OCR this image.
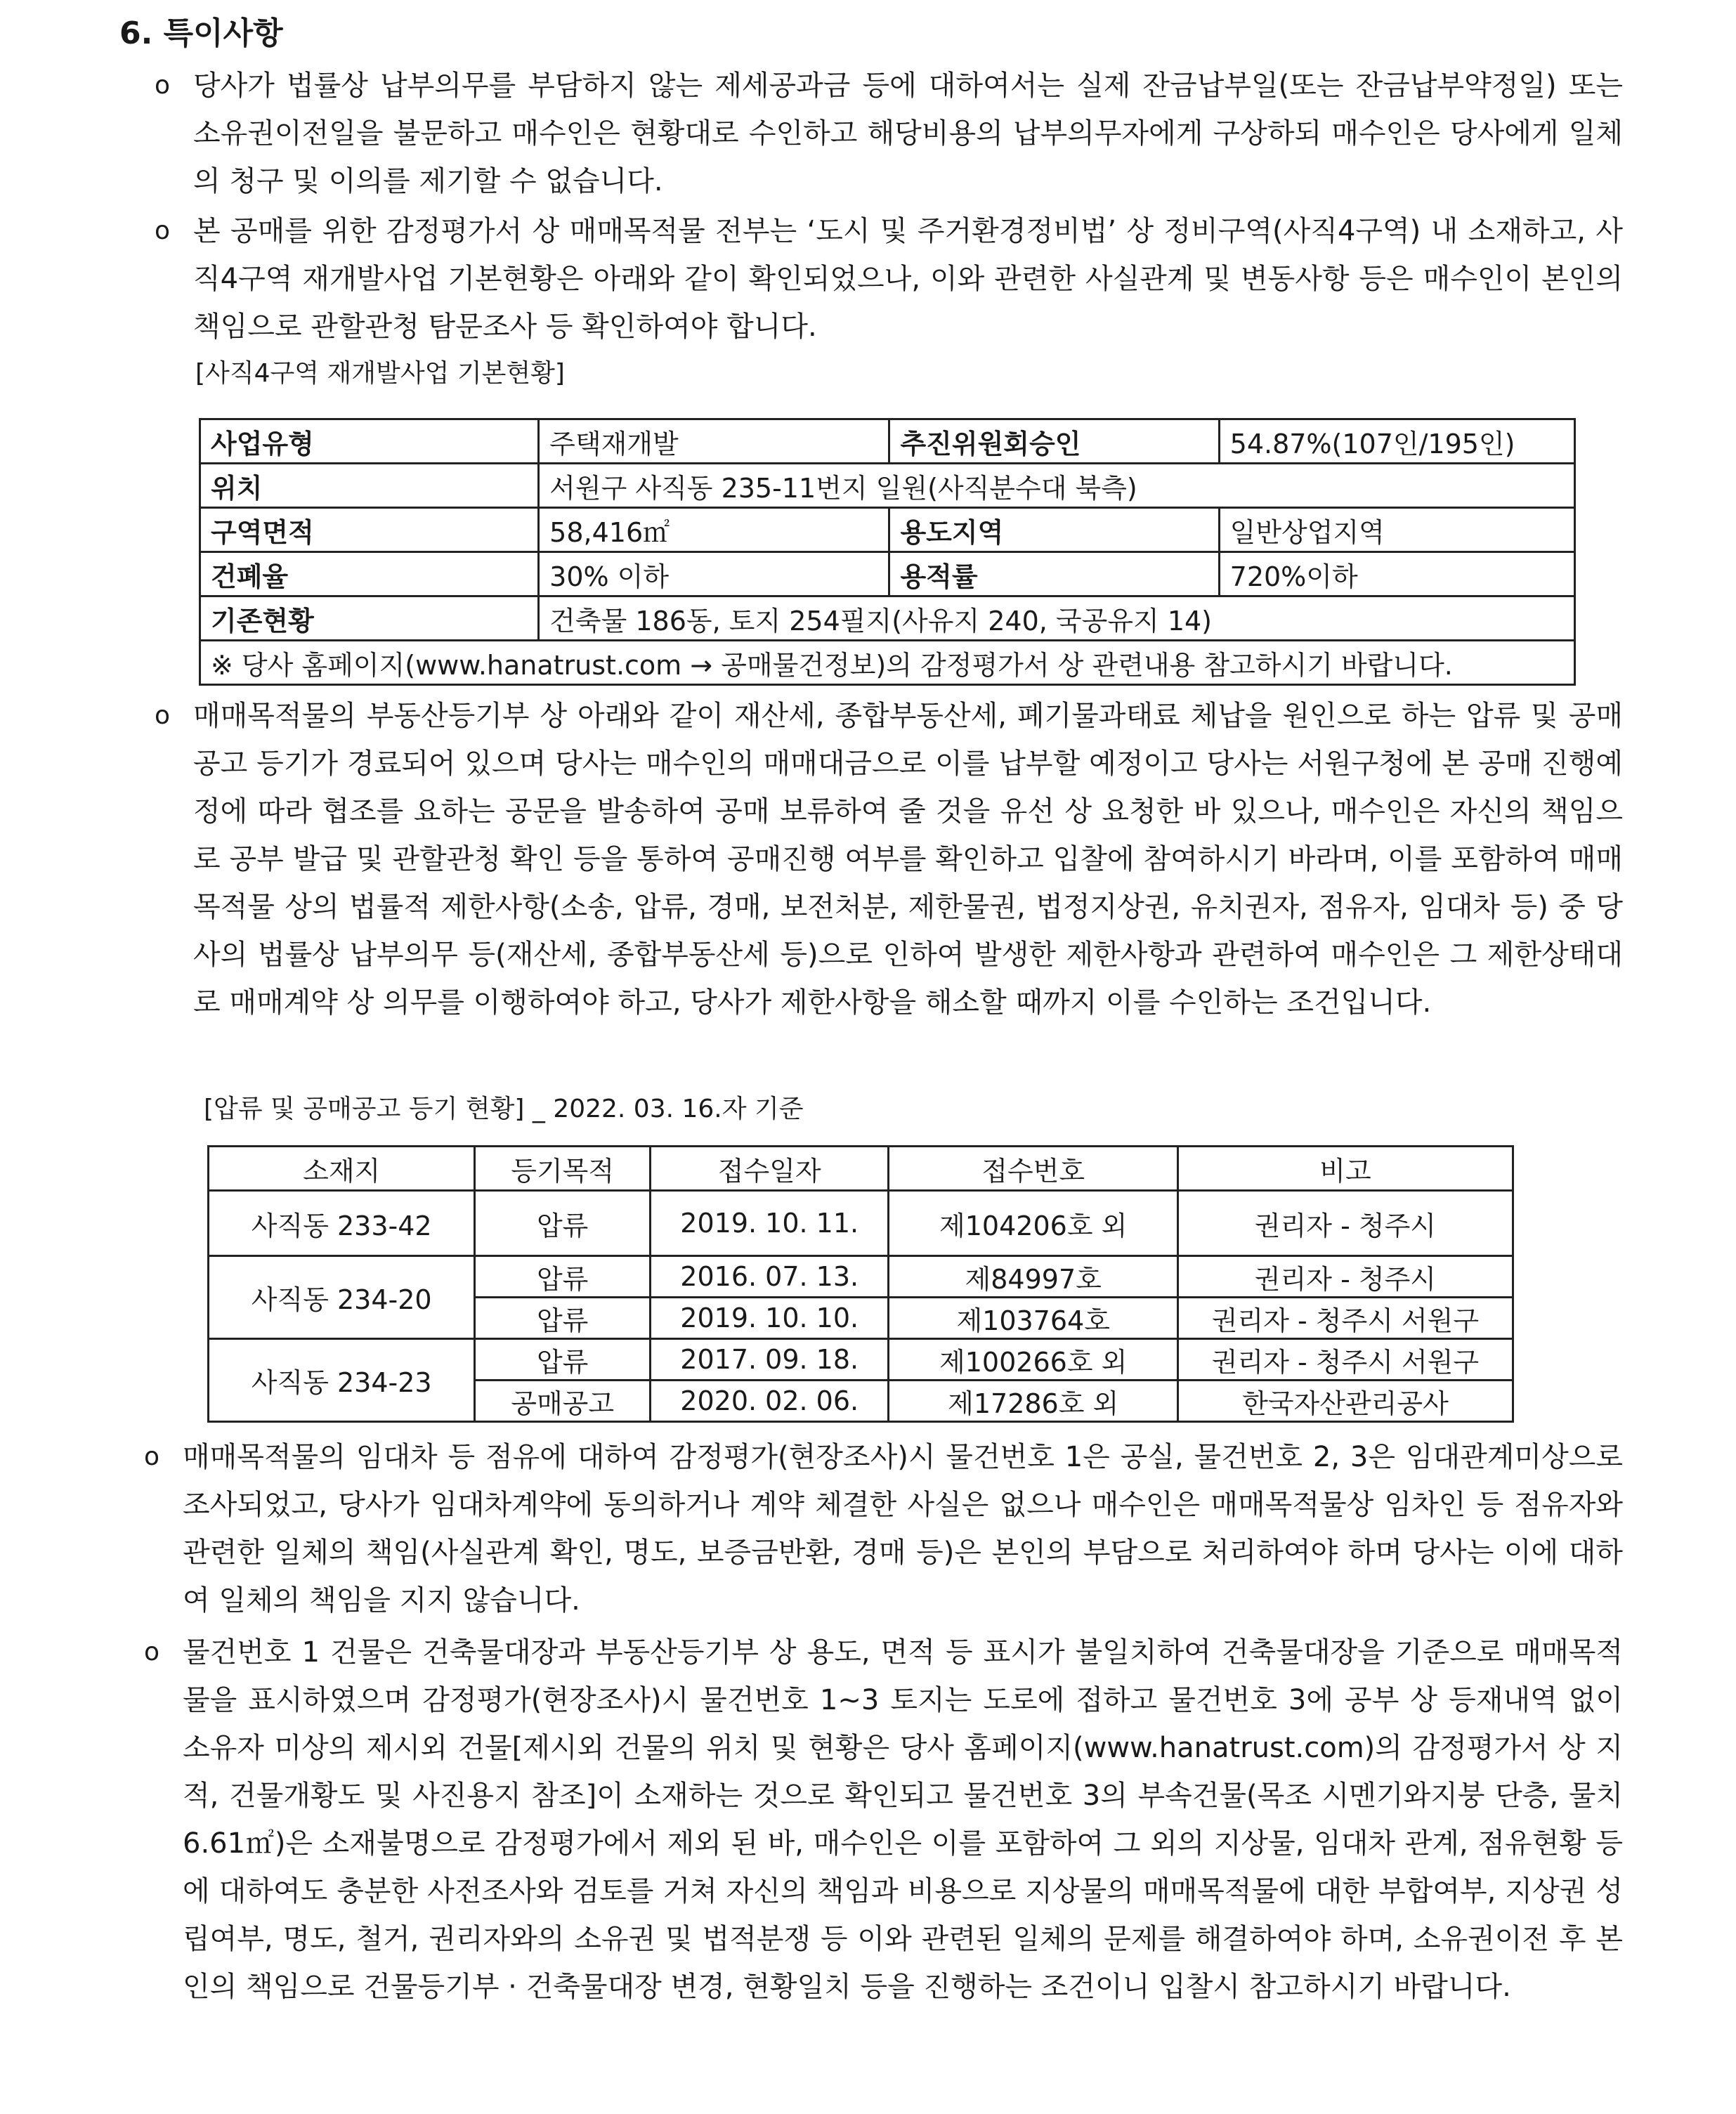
6. 특이사항
ο 당사가 법률상 납부의무를 부담하지 않는 제세공과금 등에 대하여서는 실제 잔금납부일(또는 잔금납부약정일) 또는 소유권이전일을 불문하고 매수인은 현황대로 수인하고 해당비용의 납부의무자에게 구상하되 매수인은 당사에게 일체의 청구 및 이의를 제기할 수 없습니다.
ο 본 공매를 위한 감정평가서 상 매매목적물 전부는 ‘도시 및 주거환경정비법’ 상 정비구역(사직4구역) 내 소재하고, 사직4구역 재개발사업 기본현황은 아래와 같이 확인되었으나, 이와 관련한 사실관계 및 변동사항 등은 매수인이 본인의 책임으로 관할관청 탐문조사 등 확인하여야 합니다.
[사직4구역 재개발사업 기본현황]
사업유형	주택재개발	추진위원회승인	54.87%(107인/195인)
위치	서원구 사직동 235-11번지 일원(사직분수대 북측)		
구역면적	58,416㎡	용도지역	일반상업지역
건폐율	30% 이하	용적률	720%이하
기존현황	건축물 186동, 토지 254필지(사유지 240, 국공유지 14)		
※ 당사 홈페이지(www.hanatrust.com → 공매물건정보)의 감정평가서 상 관련내용 참고하시기 바랍니다.			
ο 매매목적물의 부동산등기부 상 아래와 같이 재산세, 종합부동산세, 폐기물과태료 체납을 원인으로 하는 압류 및 공매공고 등기가 경료되어 있으며 당사는 매수인의 매매대금으로 이를 납부할 예정이고 당사는 서원구청에 본 공매 진행예정에 따라 협조를 요하는 공문을 발송하여 공매 보류하여 줄 것을 유선 상 요청한 바 있으나, 매수인은 자신의 책임으로 공부 발급 및 관할관청 확인 등을 통하여 공매진행 여부를 확인하고 입찰에 참여하시기 바라며, 이를 포함하여 매매목적물 상의 법률적 제한사항(소송, 압류, 경매, 보전처분, 제한물권, 법정지상권, 유치권자, 점유자, 임대차 등) 중 당사의 법률상 납부의무 등(재산세, 종합부동산세 등)으로 인하여 발생한 제한사항과 관련하여 매수인은 그 제한상태대로 매매계약 상 의무를 이행하여야 하고, 당사가 제한사항을 해소할 때까지 이를 수인하는 조건입니다.
[압류 및 공매공고 등기 현황] _ 2022. 03. 16.자 기준
소재지	등기목적	접수일자	접수번호	비고
사직동 233-42	압류	2019. 10. 11.	제104206호 외	권리자 - 청주시
사직동 234-20	압류	2016. 07. 13.	제84997호	권리자 - 청주시
	압류	2019. 10. 10.	제103764호	권리자 - 청주시 서원구
사직동 234-23	압류	2017. 09. 18.	제100266호 외	권리자 - 청주시 서원구
	공매공고	2020. 02. 06.	제17286호 외	한국자산관리공사
ο 매매목적물의 임대차 등 점유에 대하여 감정평가(현장조사)시 물건번호 1은 공실, 물건번호 2, 3은 임대관계미상으로 조사되었고, 당사가 임대차계약에 동의하거나 계약 체결한 사실은 없으나 매수인은 매매목적물상 임차인 등 점유자와 관련한 일체의 책임(사실관계 확인, 명도, 보증금반환, 경매 등)은 본인의 부담으로 처리하여야 하며 당사는 이에 대하여 일체의 책임을 지지 않습니다.
ο 물건번호 1 건물은 건축물대장과 부동산등기부 상 용도, 면적 등 표시가 불일치하여 건축물대장을 기준으로 매매목적물을 표시하였으며 감정평가(현장조사)시 물건번호 1~3 토지는 도로에 접하고 물건번호 3에 공부 상 등재내역 없이 소유자 미상의 제시외 건물[제시외 건물의 위치 및 현황은 당사 홈페이지(www.hanatrust.com)의 감정평가서 상 지적, 건물개황도 및 사진용지 참조]이 소재하는 것으로 확인되고 물건번호 3의 부속건물(목조 시멘기와지붕 단층, 물치 6.61㎡)은 소재불명으로 감정평가에서 제외 된 바, 매수인은 이를 포함하여 그 외의 지상물, 임대차 관계, 점유현황 등에 대하여도 충분한 사전조사와 검토를 거쳐 자신의 책임과 비용으로 지상물의 매매목적물에 대한 부합여부, 지상권 성립여부, 명도, 철거, 권리자와의 소유권 및 법적분쟁 등 이와 관련된 일체의 문제를 해결하여야 하며, 소유권이전 후 본인의 책임으로 건물등기부 · 건축물대장 변경, 현황일치 등을 진행하는 조건이니 입찰시 참고하시기 바랍니다.
